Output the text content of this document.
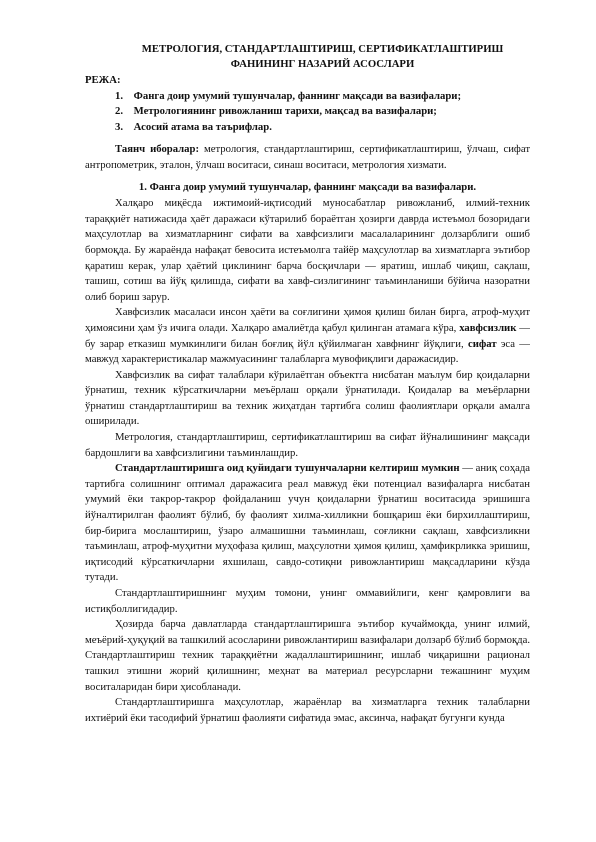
МЕТРОЛОГИЯ, СТАНДАРТЛАШТИРИШ, СЕРТИФИКАТЛАШТИРИШ

ФАНИНИНГ НАЗАРИЙ АСОСЛАРИ

РЕЖА:

1. Фанга доир умумий тушунчалар, фаннинг мақсади ва вазифалари;
2. Метрологиянинг ривожланиш тарихи, мақсад ва вазифалари;
3. Асосий атама ва таърифлар.

Таянч иборалар: метрология, стандартлаштириш, сертификатлаштириш, ўлчаш, сифат антропометрик, эталон, ўлчаш воситаси, синаш воситаси, метрология хизмати.

1. Фанга доир умумий тушунчалар, фаннинг мақсади ва вазифалари.

Халқаро миқёсда ижтимоий-иқтисодий муносабатлар ривожланиб, илмий-техник тараққиёт натижасида ҳаёт даражаси кўтарилиб бораётган ҳозирги даврда истеъмол бозоридаги маҳсулотлар ва хизматларнинг сифати ва хавфсизлиги масалаларининг долзарблиги ошиб бормоқда. Бу жараёнда нафақат бевосита истеъмолга тайёр маҳсулотлар ва хизматларга эътибор қаратиш керак, улар ҳаётий циклининг барча босқичлари — яратиш, ишлаб чиқиш, сақлаш, ташиш, сотиш ва йўқ қилишда, сифати ва хавф-сизлигининг таъминланиши бўйича назоратни олиб бориш зарур.

Хавфсизлик масаласи инсон ҳаёти ва соғлигини ҳимоя қилиш билан бирга, атроф-муҳит ҳимоясини ҳам ўз ичига олади. Халқаро амалиётда қабул қилинган атамага кўра, хавфсизлик — бу зарар етказиш мумкинлиги билан боғлиқ йўл қўйилмаган хавфнинг йўқлиги, сифат эса — мавжуд характеристикалар мажмуасининг талабларга мувофиқлиги даражасидир.

Хавфсизлик ва сифат талаблари кўрилаётган объектга нисбатан маълум бир қоидаларни ўрнатиш, техник кўрсаткичларни меъёрлаш орқали ўрнатилади. Қоидалар ва меъёрларни ўрнатиш стандартлаштириш ва техник жиҳатдан тартибга солиш фаолиятлари орқали амалга оширилади.

Метрология, стандартлаштириш, сертификатлаштириш ва сифат йўналишининг мақсади бардошлиги ва хавфсизлигини таъминлашдир.

Стандартлаштиришга оид қуйидаги тушунчаларни келтириш мумкин — аниқ соҳада тартибга солишнинг оптимал даражасига реал мавжуд ёки потенциал вазифаларга нисбатан умумий ёки такрор-такрор фойдаланиш учун қоидаларни ўрнатиш воситасида эришишга йўналтирилган фаолият бўлиб, бу фаолият хилма-хилликни бошқариш ёки бирхиллаштириш, бир-бирига мослаштириш, ўзаро алмашишни таъминлаш, соғликни сақлаш, хавфсизликни таъминлаш, атроф-муҳитни муҳофаза қилиш, маҳсулотни ҳимоя қилиш, ҳамфикрликка эришиш, иқтисодий кўрсаткичларни яхшилаш, савдо-сотиқни ривожлантириш мақсадларини кўзда тутади.

Стандартлаштиришнинг муҳим томони, унинг оммавийлиги, кенг қамровлиги ва истиқболлигидадир.

Ҳозирда барча давлатларда стандартлаштиришга эътибор кучаймоқда, унинг илмий, меъёрий-ҳуқуқий ва ташкилий асосларини ривожлантириш вазифалари долзарб бўлиб бормоқда. Стандартлаштириш техник тараққиётни жадаллаштиришнинг, ишлаб чиқаришни рационал ташкил этишни жорий қилишнинг, меҳнат ва материал ресурсларни тежашнинг муҳим воситаларидан бири ҳисобланади.

Стандартлаштиришга маҳсулотлар, жараёнлар ва хизматларга техник талабларни ихтиёрий ёки тасодифий ўрнатиш фаолияти сифатида эмас, аксинча, нафақат бугунги кунда
